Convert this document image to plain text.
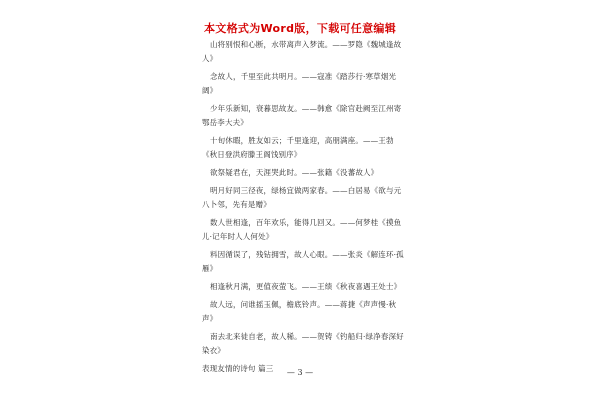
本文格式为Word版，下载可任意编辑

山将别恨和心断，水带离声入梦流。——罗隐《魏城逢故人》

念故人，千里至此共明月。——寇准《踏莎行·寒草烟光阔》

少年乐新知，衰暮思故友。——韩愈《除官赴阙至江州寄鄂岳李大夫》

十旬休暇，胜友如云；千里逢迎，高朋满座。——王勃《秋日登洪府滕王阁饯别序》

欲祭疑君在，天涯哭此时。——张籍《没蕃故人》

明月好同三径夜，绿杨宜做两家春。——白居易《欲与元八卜邻，先有是赠》

数人世相逢，百年欢乐，能得几回又。——何梦桂《摸鱼儿·记年时人人何处》

料因循误了，残钻拥雪，故人心眼。——张炎《解连环·孤雁》

相逢秋月满，更值夜萤飞。——王绩《秋夜喜遇王处士》

故人远，问谁摇玉佩，檐底铃声。——蒋捷《声声慢·秋声》

南去北来徒自老，故人稀。——贺铸《钓船归·绿净春深好染衣》

表现友情的诗句 篇三	— 3 —
